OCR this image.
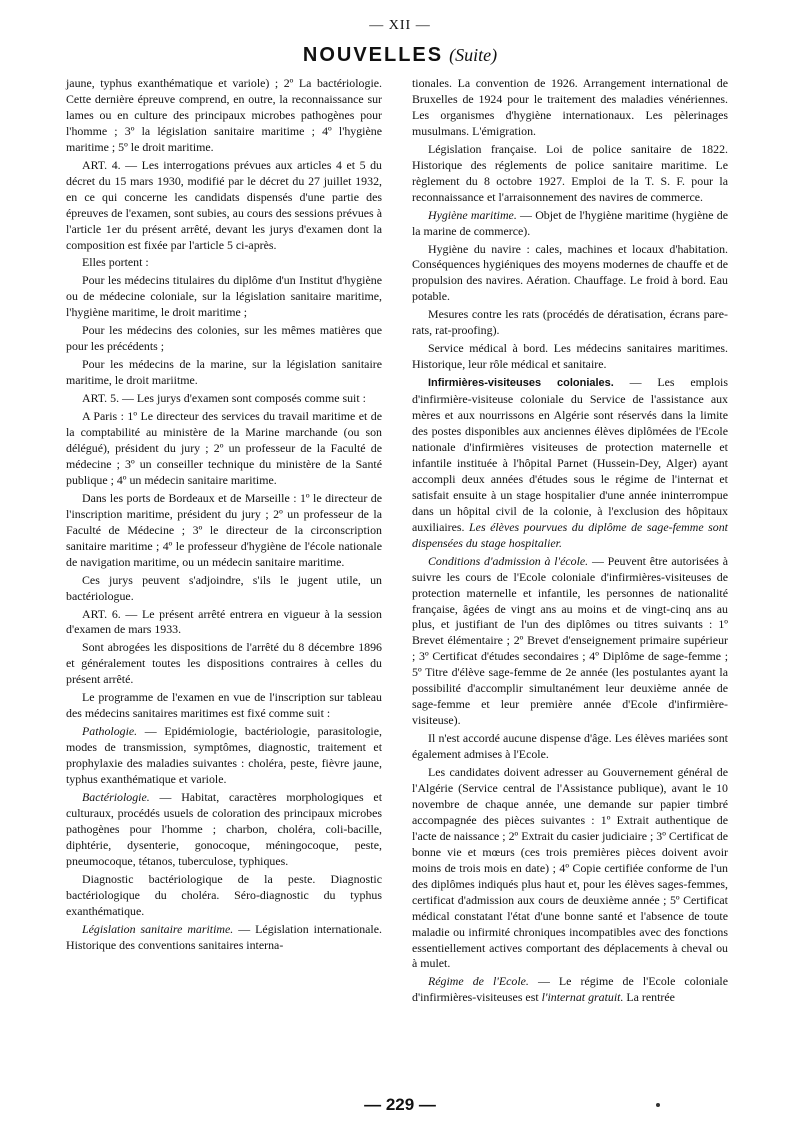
— XII —
NOUVELLES (Suite)

jaune, typhus exanthématique et variole) ; 2º La bactériologie. Cette dernière épreuve comprend, en outre, la reconnaissance sur lames ou en culture des principaux microbes pathogènes pour l'homme ; 3º la législation sanitaire maritime ; 4º l'hygiène maritime ; 5º le droit maritime.

ART. 4. — Les interrogations prévues aux articles 4 et 5 du décret du 15 mars 1930, modifié par le décret du 27 juillet 1932, en ce qui concerne les candidats dispensés d'une partie des épreuves de l'examen, sont subies, au cours des sessions prévues à l'article 1er du présent arrêté, devant les jurys d'examen dont la composition est fixée par l'article 5 ci-après.

Elles portent :

Pour les médecins titulaires du diplôme d'un Institut d'hygiène ou de médecine coloniale, sur la législation sanitaire maritime, l'hygiène maritime, le droit maritime ;

Pour les médecins des colonies, sur les mêmes matières que pour les précédents ;

Pour les médecins de la marine, sur la législation sanitaire maritime, le droit mariitme.

ART. 5. — Les jurys d'examen sont composés comme suit :

A Paris : 1º Le directeur des services du travail maritime et de la comptabilité au ministère de la Marine marchande (ou son délégué), président du jury ; 2º un professeur de la Faculté de médecine ; 3º un conseiller technique du ministère de la Santé publique ; 4º un médecin sanitaire maritime.

Dans les ports de Bordeaux et de Marseille : 1º le directeur de l'inscription maritime, président du jury ; 2º un professeur de la Faculté de Médecine ; 3º le directeur de la circonscription sanitaire maritime ; 4º le professeur d'hygiène de l'école nationale de navigation maritime, ou un médecin sanitaire maritime.

Ces jurys peuvent s'adjoindre, s'ils le jugent utile, un bactériologue.

ART. 6. — Le présent arrêté entrera en vigueur à la session d'examen de mars 1933.

Sont abrogées les dispositions de l'arrêté du 8 décembre 1896 et généralement toutes les dispositions contraires à celles du présent arrêté.

Le programme de l'examen en vue de l'inscription sur tableau des médecins sanitaires maritimes est fixé comme suit :

Pathologie. — Epidémiologie, bactériologie, parasitologie, modes de transmission, symptômes, diagnostic, traitement et prophylaxie des maladies suivantes : choléra, peste, fièvre jaune, typhus exanthématique et variole.

Bactériologie. — Habitat, caractères morphologiques et culturaux, procédés usuels de coloration des principaux microbes pathogènes pour l'homme ; charbon, choléra, coli-bacille, diphtérie, dysenterie, gonocoque, méningocoque, peste, pneumocoque, tétanos, tuberculose, typhiques.

Diagnostic bactériologique de la peste. Diagnostic bactériologique du choléra. Séro-diagnostic du typhus exanthématique.

Législation sanitaire maritime. — Législation internationale. Historique des conventions sanitaires interna-

tionales. La convention de 1926. Arrangement international de Bruxelles de 1924 pour le traitement des maladies vénériennes. Les organismes d'hygiène internationaux. Les pèlerinages musulmans. L'émigration.

Législation française. Loi de police sanitaire de 1822. Historique des réglements de police sanitaire maritime. Le règlement du 8 octobre 1927. Emploi de la T. S. F. pour la reconnaissance et l'arraisonnement des navires de commerce.

Hygiène maritime. — Objet de l'hygiène maritime (hygiène de la marine de commerce).

Hygiène du navire : cales, machines et locaux d'habitation. Conséquences hygiéniques des moyens modernes de chauffe et de propulsion des navires. Aération. Chauffage. Le froid à bord. Eau potable.

Mesures contre les rats (procédés de dératisation, écrans pare-rats, rat-proofing).

Service médical à bord. Les médecins sanitaires maritimes. Historique, leur rôle médical et sanitaire.

Infirmières-visiteuses coloniales. — Les emplois d'infirmière-visiteuse coloniale du Service de l'assistance aux mères et aux nourrissons en Algérie sont réservés dans la limite des postes disponibles aux anciennes élèves diplômées de l'Ecole nationale d'infirmières visiteuses de protection maternelle et infantile instituée à l'hôpital Parnet (Hussein-Dey, Alger) ayant accompli deux années d'études sous le régime de l'internat et satisfait ensuite à un stage hospitalier d'une année ininterrompue dans un hôpital civil de la colonie, à l'exclusion des hôpitaux auxiliaires. Les élèves pourvues du diplôme de sage-femme sont dispensées du stage hospitalier.

Conditions d'admission à l'école. — Peuvent être autorisées à suivre les cours de l'Ecole coloniale d'infirmières-visiteuses de protection maternelle et infantile, les personnes de nationalité française, âgées de vingt ans au moins et de vingt-cinq ans au plus, et justifiant de l'un des diplômes ou titres suivants : 1º Brevet élémentaire ; 2º Brevet d'enseignement primaire supérieur ; 3º Certificat d'études secondaires ; 4º Diplôme de sage-femme ; 5º Titre d'élève sage-femme de 2e année (les postulantes ayant la possibilité d'accomplir simultanément leur deuxième année de sage-femme et leur première année d'Ecole d'infirmière-visiteuse).

Il n'est accordé aucune dispense d'âge. Les élèves mariées sont également admises à l'Ecole.

Les candidates doivent adresser au Gouvernement général de l'Algérie (Service central de l'Assistance publique), avant le 10 novembre de chaque année, une demande sur papier timbré accompagnée des pièces suivantes : 1º Extrait authentique de l'acte de naissance ; 2º Extrait du casier judiciaire ; 3º Certificat de bonne vie et mœurs (ces trois premières pièces doivent avoir moins de trois mois en date) ; 4º Copie certifiée conforme de l'un des diplômes indiqués plus haut et, pour les élèves sages-femmes, certificat d'admission aux cours de deuxième année ; 5º Certificat médical constatant l'état d'une bonne santé et l'absence de toute maladie ou infirmité chroniques incompatibles avec des fonctions essentiellement actives comportant des déplacements à cheval ou à mulet.

Régime de l'Ecole. — Le régime de l'Ecole coloniale d'infirmières-visiteuses est l'internat gratuit. La rentrée

— 229 —
